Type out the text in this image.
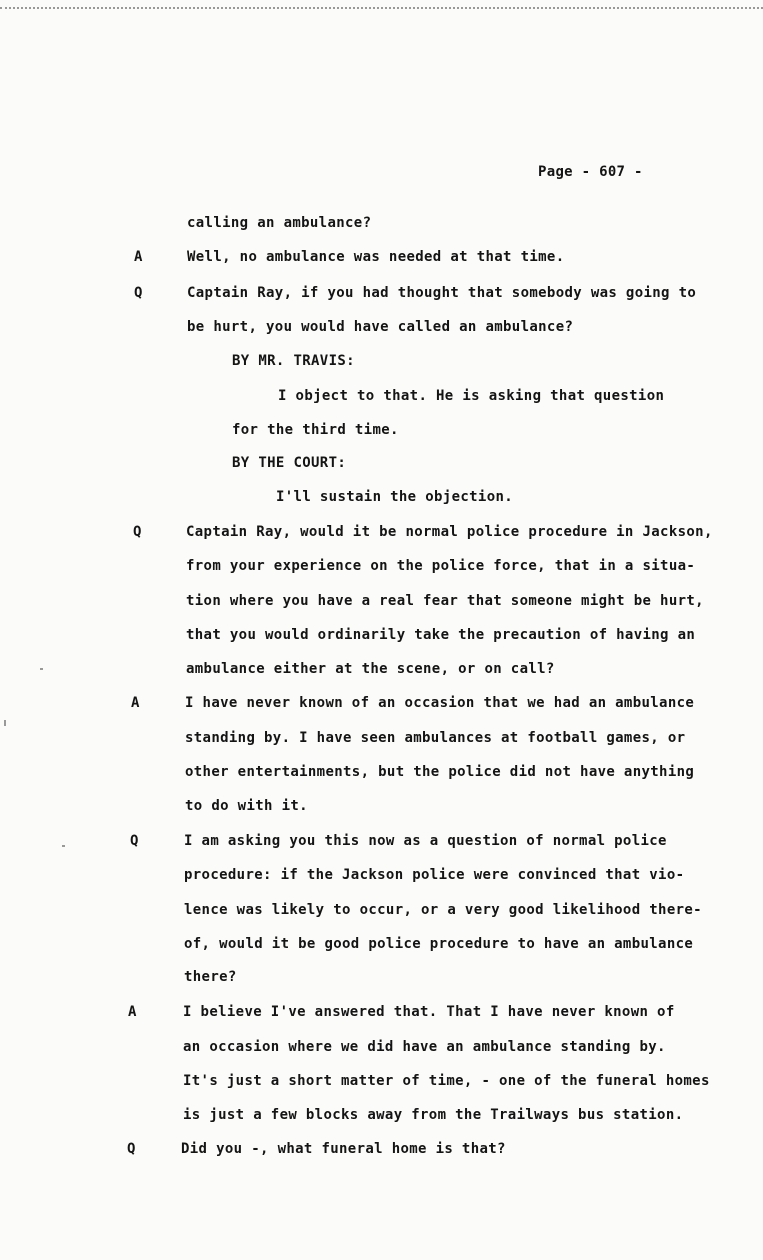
Page - 607 -
calling an ambulance?
A	Well, no ambulance was needed at that time.
Q	Captain Ray, if you had thought that somebody was going to
be hurt, you would have called an ambulance?
BY MR. TRAVIS:
I object to that. He is asking that question
for the third time.
BY THE COURT:
I'll sustain the objection.
Q	Captain Ray, would it be normal police procedure in Jackson,
from your experience on the police force, that in a situa-
tion where you have a real fear that someone might be hurt,
that you would ordinarily take the precaution of having an
ambulance either at the scene, or on call?
A	I have never known of an occasion that we had an ambulance
standing by. I have seen ambulances at football games, or
other entertainments, but the police did not have anything
to do with it.
Q	I am asking you this now as a question of normal police
procedure: if the Jackson police were convinced that vio-
lence was likely to occur, or a very good likelihood there-
of, would it be good police procedure to have an ambulance
there?
A	I believe I've answered that. That I have never known of
an occasion where we did have an ambulance standing by.
It's just a short matter of time, - one of the funeral homes
is just a few blocks away from the Trailways bus station.
Q	Did you -, what funeral home is that?
